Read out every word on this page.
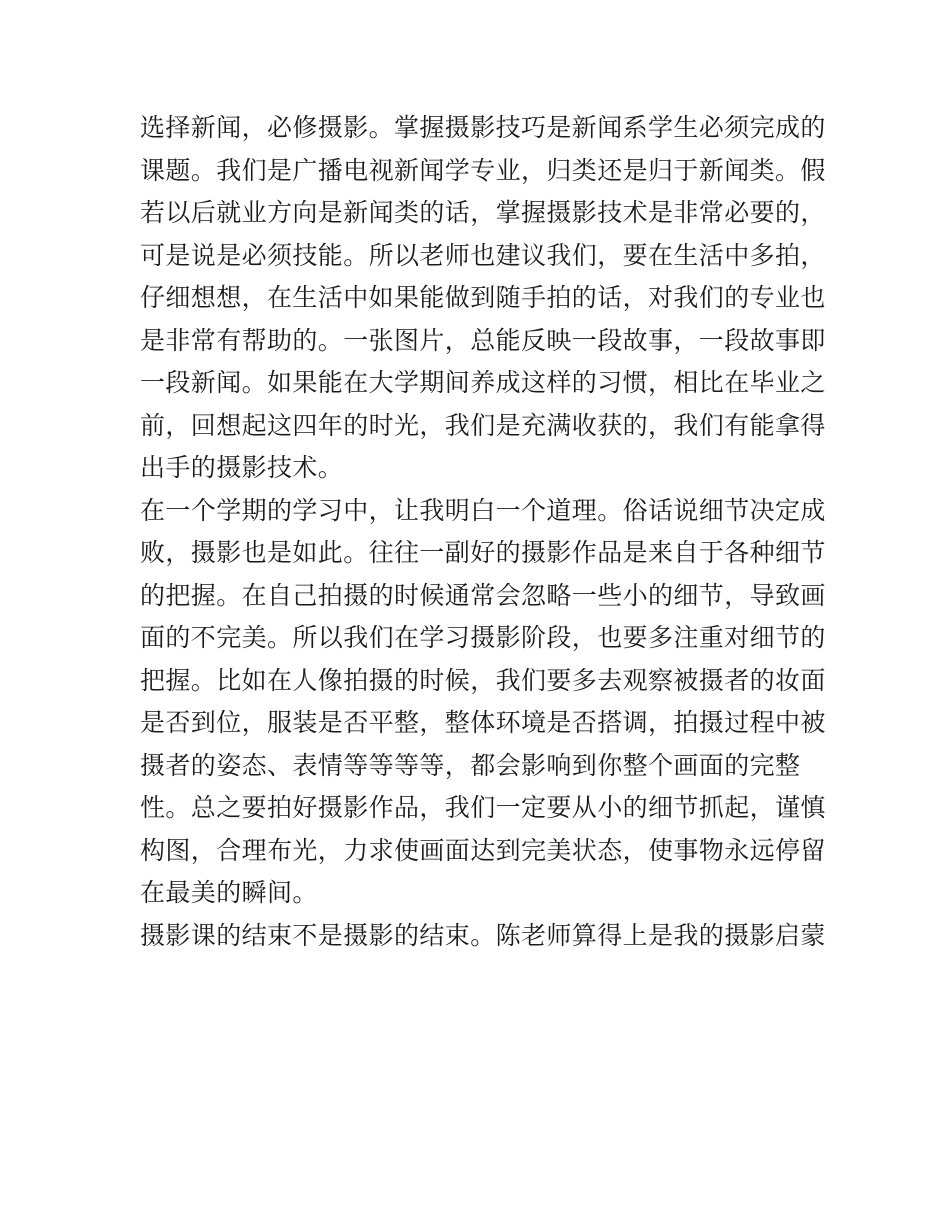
选择新闻，必修摄影。掌握摄影技巧是新闻系学生必须完成的
课题。我们是广播电视新闻学专业，归类还是归于新闻类。假
若以后就业方向是新闻类的话，掌握摄影技术是非常必要的，
可是说是必须技能。所以老师也建议我们，要在生活中多拍，
仔细想想，在生活中如果能做到随手拍的话，对我们的专业也
是非常有帮助的。一张图片，总能反映一段故事，一段故事即
一段新闻。如果能在大学期间养成这样的习惯，相比在毕业之
前，回想起这四年的时光，我们是充满收获的，我们有能拿得
出手的摄影技术。
在一个学期的学习中，让我明白一个道理。俗话说细节决定成
败，摄影也是如此。往往一副好的摄影作品是来自于各种细节
的把握。在自己拍摄的时候通常会忽略一些小的细节，导致画
面的不完美。所以我们在学习摄影阶段，也要多注重对细节的
把握。比如在人像拍摄的时候，我们要多去观察被摄者的妆面
是否到位，服装是否平整，整体环境是否搭调，拍摄过程中被
摄者的姿态、表情等等等等，都会影响到你整个画面的完整
性。总之要拍好摄影作品，我们一定要从小的细节抓起，谨慎
构图，合理布光，力求使画面达到完美状态，使事物永远停留
在最美的瞬间。
摄影课的结束不是摄影的结束。陈老师算得上是我的摄影启蒙
